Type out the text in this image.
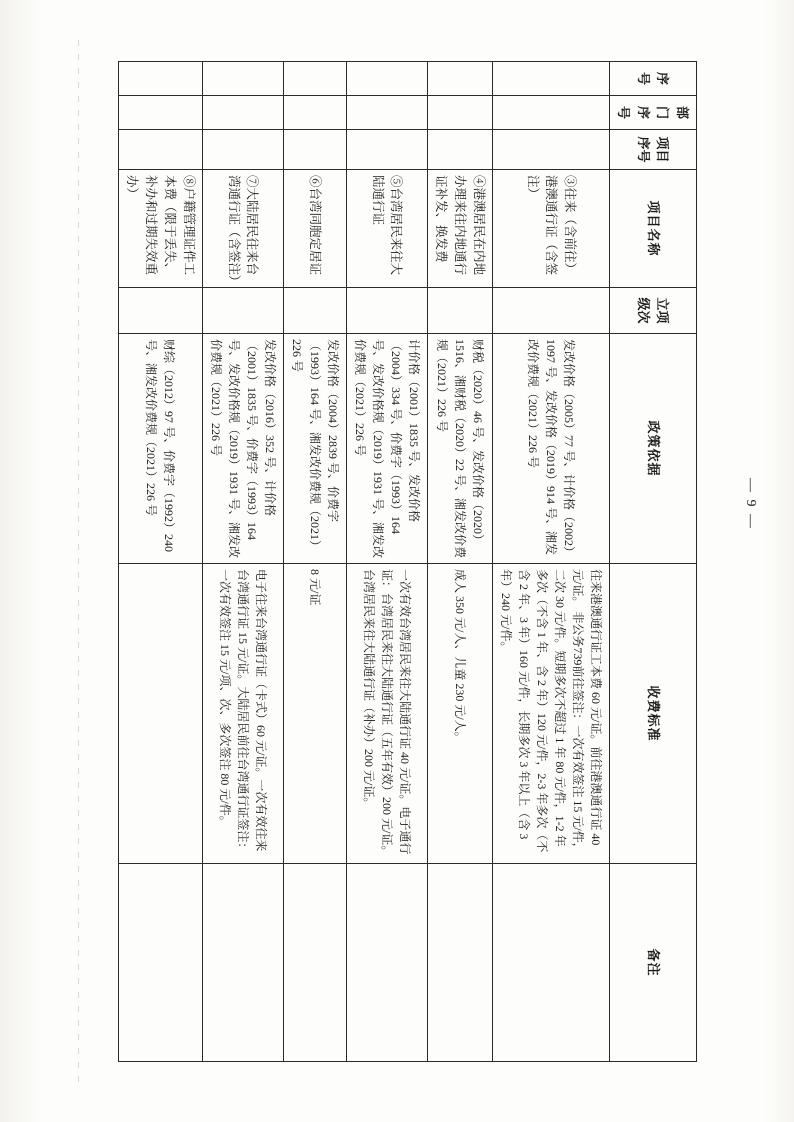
序号	部门序号	项目序号	项目名称	立项级次	政策依据	收费标准	备注
			③往来（含前往）港澳通行证（含签注）		发改价格（2005）77 号、计价格（2002）1097 号、发改价格（2019）914 号、湘发改价费规（2021）226 号	往来港澳通行证工本费 60 元/证。前往港澳通行证 40 元/证。 非公务739前往签注：一次有效签注 15 元/件，二次 30 元/件。短期多次不超过 1 年 80 元/件，1-2 年多次（不含 1 年、含 2 年）120 元/件，2-3 年多次（不含 2 年、3 年）160 元/件，长期多次 3 年以上（含 3 年）240 元/件。	
			④港澳居民在内地办理来往内地通行证补发、换发费		财税（2020）46 号、发改价格（2020）1516、湘财税（2020）22 号、湘发改价费规（2021）226 号	成人 350 元/人、儿童 230 元/人。	
			⑤台湾居民来往大陆通行证		计价格（2001）1835 号、发改价格（2004）334 号、价费字（1993）164 号、发改价格规（2019）1931 号、湘发改价费规（2021）226 号	一次有效台湾居民来往大陆通行证 40 元/证。电子通行证：台湾居民来往大陆通行证（五年有效）200 元/证。台湾居民来往大陆通行证（补办）200 元/证。	
			⑥台湾同胞定居证		发改价格（2004）2839 号、价费字（1993）164 号、湘发改价费规（2021）226 号	8 元/证	
			⑦大陆居民往来台湾通行证（含签注）		发改价格（2016）352 号、计价格（2001）1835 号、价费字（1993）164 号、发改价格规（2019）1931 号、湘发改价费规（2021）226 号	电子往来台湾通行证（卡式）60 元/证。一次有效往来台湾通行证 15 元/证。大陆居民前往台湾通行证签注：一次有效签注 15 元/项、次、多次签注 80 元/件。	
			⑧户籍管理证件工本费（限于丢失、补办和过期失效重办）		财综（2012）97 号、价费字（1992）240 号、湘发改价费规（2021）226 号			— 9 —
